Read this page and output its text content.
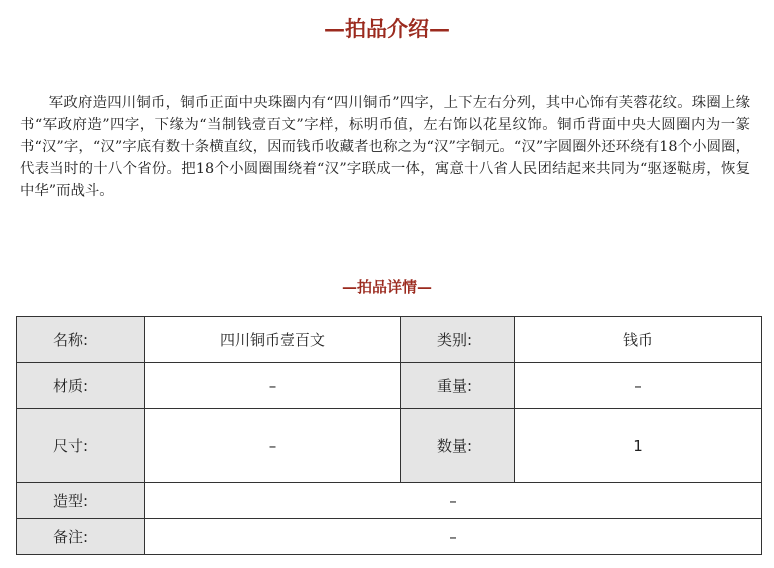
—拍品介绍—

军政府造四川铜币，铜币正面中央珠圈内有“四川铜币”四字，上下左右分列，其中心饰有芙蓉花纹。珠圈上缘书“军政府造”四字，下缘为“当制钱壹百文”字样，标明币值，左右饰以花星纹饰。铜币背面中央大圆圈内为一篆书“汉”字，“汉”字底有数十条横直纹，因而钱币收藏者也称之为“汉”字铜元。“汉”字圆圈外还环绕有18个小圆圈，代表当时的十八个省份。把18个小圆圈围绕着“汉”字联成一体，寓意十八省人民团结起来共同为“驱逐鞑虏，恢复中华”而战斗。

—拍品详情—
名称:	四川铜币壹百文	类别:	钱币
材质:	–	重量:	–
尺寸:	–	数量:	1
造型:	–		
备注:	–		
